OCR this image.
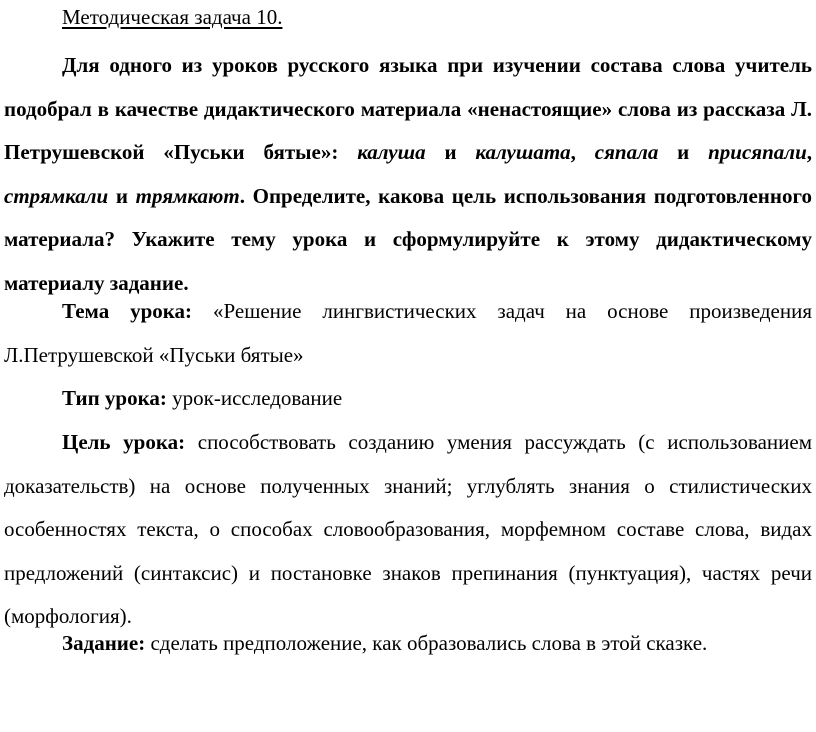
Методическая задача 10.

Для одного из уроков русского языка при изучении состава слова учитель подобрал в качестве дидактического материала «ненастоящие» слова из рассказа Л. Петрушевской «Пуськи бятые»: калуша и калушата, сяпала и присяпали, стрямкали и трямкают. Определите, какова цель использования подготовленного материала? Укажите тему урока и сформулируйте к этому дидактическому материалу задание.

Тема урока: «Решение лингвистических задач на основе произведения Л.Петрушевской «Пуськи бятые»

Тип урока: урок-исследование

Цель урока: способствовать созданию умения рассуждать (с использованием доказательств) на основе полученных знаний; углублять знания о стилистических особенностях текста, о способах словообразования, морфемном составе слова, видах предложений (синтаксис) и постановке знаков препинания (пунктуация), частях речи (морфология).

Задание: сделать предположение, как образовались слова в этой сказке.
